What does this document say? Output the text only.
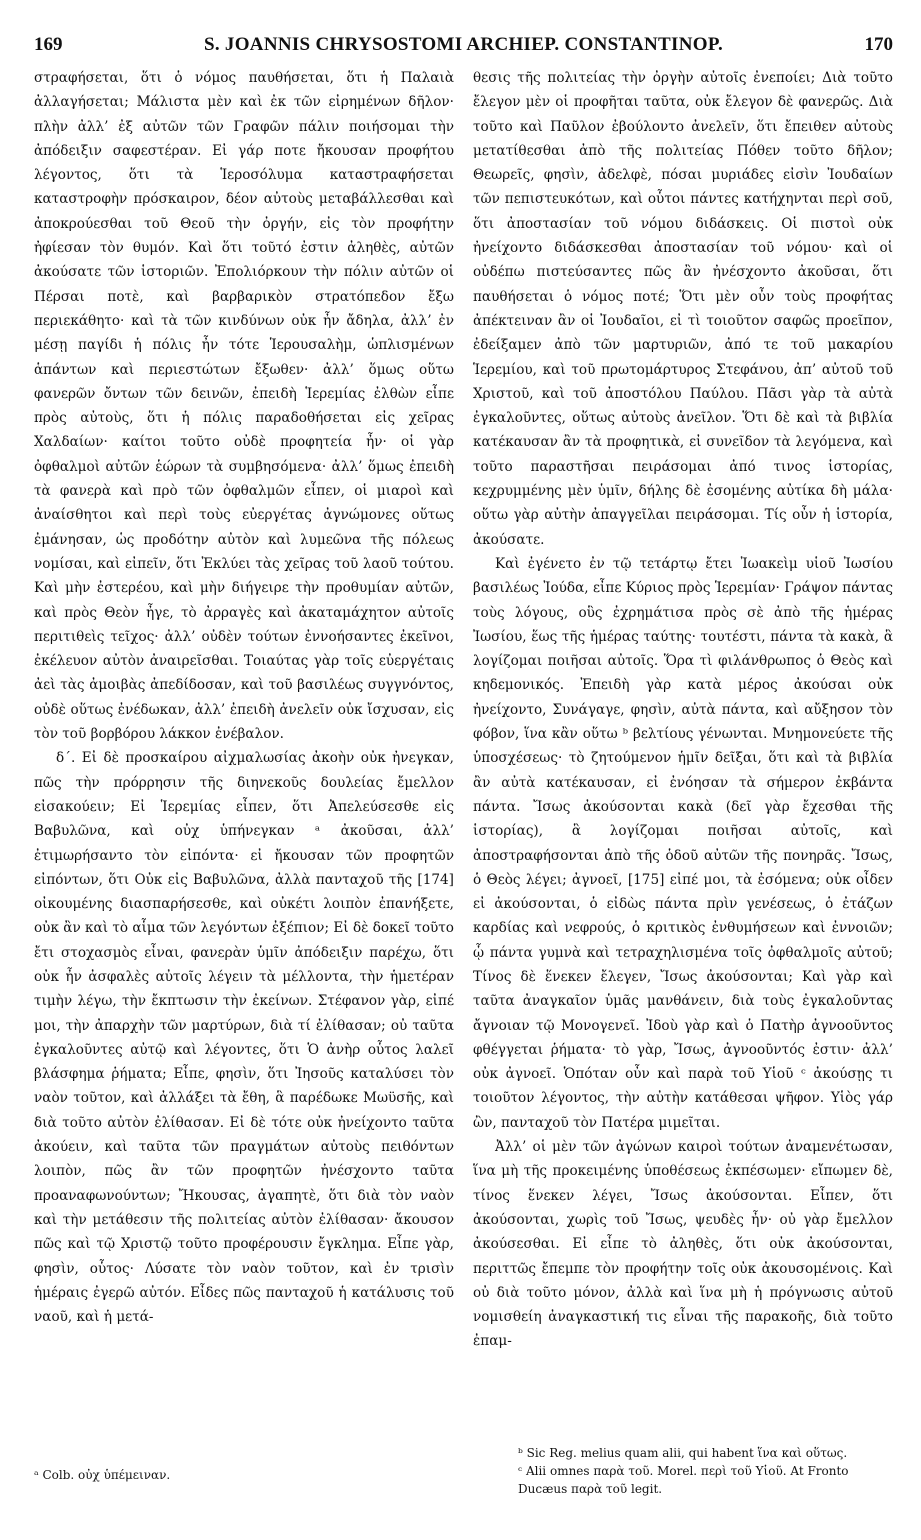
169	S. JOANNIS CHRYSOSTOMI ARCHIEP. CONSTANTINOP.	170

στραφήσεται, ὅτι ὁ νόμος παυθήσεται, ὅτι ἡ Παλαιὰ ἀλλαγήσεται; Μάλιστα μὲν καὶ ἐκ τῶν εἰρημένων δῆλον· πλὴν ἀλλ’ ἐξ αὐτῶν τῶν Γραφῶν πάλιν ποιήσομαι τὴν ἀπόδειξιν σαφεστέραν. Εἰ γάρ ποτε ἤκουσαν προφήτου λέγοντος, ὅτι τὰ Ἱεροσόλυμα καταστραφήσεται καταστροφὴν πρόσκαιρον, δέον αὐτοὺς μεταβάλλεσθαι καὶ ἀποκρούεσθαι τοῦ Θεοῦ τὴν ὀργήν, εἰς τὸν προφήτην ἠφίεσαν τὸν θυμόν. Καὶ ὅτι τοῦτό ἐστιν ἀληθὲς, αὐτῶν ἀκούσατε τῶν ἱστοριῶν. Ἐπολιόρκουν τὴν πόλιν αὐτῶν οἱ Πέρσαι ποτὲ, καὶ βαρβαρικὸν στρατόπεδον ἔξω περιεκάθητο· καὶ τὰ τῶν κινδύνων οὐκ ἦν ἄδηλα, ἀλλ’ ἐν μέσῃ παγίδι ἡ πόλις ἦν τότε Ἱερουσαλὴμ, ὡπλισμένων ἁπάντων καὶ περιεστώτων ἔξωθεν· ἀλλ’ ὅμως οὕτω φανερῶν ὄντων τῶν δεινῶν, ἐπειδὴ Ἱερεμίας ἐλθὼν εἶπε πρὸς αὐτοὺς, ὅτι ἡ πόλις παραδοθήσεται εἰς χεῖρας Χαλδαίων· καίτοι τοῦτο οὐδὲ προφητεία ἦν· οἱ γὰρ ὀφθαλμοὶ αὐτῶν ἑώρων τὰ συμβησόμενα· ἀλλ’ ὅμως ἐπειδὴ τὰ φανερὰ καὶ πρὸ τῶν ὀφθαλμῶν εἶπεν, οἱ μιαροὶ καὶ ἀναίσθητοι καὶ περὶ τοὺς εὐεργέτας ἀγνώμονες οὕτως ἐμάνησαν, ὡς προδότην αὐτὸν καὶ λυμεῶνα τῆς πόλεως νομίσαι, καὶ εἰπεῖν, ὅτι Ἐκλύει τὰς χεῖρας τοῦ λαοῦ τούτου. Καὶ μὴν ἐστερέου, καὶ μὴν διήγειρε τὴν προθυμίαν αὐτῶν, καὶ πρὸς Θεὸν ἦγε, τὸ ἀρραγὲς καὶ ἀκαταμάχητον αὐτοῖς περιτιθεὶς τεῖχος· ἀλλ’ οὐδὲν τούτων ἐννοήσαντες ἐκεῖνοι, ἐκέλευον αὐτὸν ἀναιρεῖσθαι. Τοιαύτας γὰρ τοῖς εὐεργέταις ἀεὶ τὰς ἀμοιβὰς ἀπεδίδοσαν, καὶ τοῦ βασιλέως συγγνόντος, οὐδὲ οὕτως ἐνέδωκαν, ἀλλ’ ἐπειδὴ ἀνελεῖν οὐκ ἴσχυσαν, εἰς τὸν τοῦ βορβόρου λάκκον ἐνέβαλον.

δ΄. Εἰ δὲ προσκαίρου αἰχμαλωσίας ἀκοὴν οὐκ ἠνεγκαν, πῶς τὴν πρόρρησιν τῆς διηνεκοῦς δουλείας ἔμελλον εἰσακούειν; Εἰ Ἱερεμίας εἶπεν, ὅτι Ἀπελεύσεσθε εἰς Βαβυλῶνα, καὶ οὐχ ὑπήνεγκαν ᵃ ἀκοῦσαι, ἀλλ’ ἐτιμωρήσαντο τὸν εἰπόντα· εἰ ἤκουσαν τῶν προφητῶν εἰπόντων, ὅτι Οὐκ εἰς Βαβυλῶνα, ἀλλὰ πανταχοῦ τῆς [174] οἰκουμένης διασπαρήσεσθε, καὶ οὐκέτι λοιπὸν ἐπανήξετε, οὐκ ἂν καὶ τὸ αἷμα τῶν λεγόντων ἐξέπιον; Εἰ δὲ δοκεῖ τοῦτο ἔτι στοχασμὸς εἶναι, φανερὰν ὑμῖν ἀπόδειξιν παρέχω, ὅτι οὐκ ἦν ἀσφαλὲς αὐτοῖς λέγειν τὰ μέλλοντα, τὴν ἡμετέραν τιμὴν λέγω, τὴν ἔκπτωσιν τὴν ἐκείνων. Στέφανον γὰρ, εἰπέ μοι, τὴν ἀπαρχὴν τῶν μαρτύρων, διὰ τί ἐλίθασαν; οὐ ταῦτα ἐγκαλοῦντες αὐτῷ καὶ λέγοντες, ὅτι Ὁ ἀνὴρ οὗτος λαλεῖ βλάσφημα ῥήματα; Εἶπε, φησὶν, ὅτι Ἰησοῦς καταλύσει τὸν ναὸν τοῦτον, καὶ ἀλλάξει τὰ ἔθη, ἃ παρέδωκε Μωϋσῆς, καὶ διὰ τοῦτο αὐτὸν ἐλίθασαν. Εἰ δὲ τότε οὐκ ἠνείχοντο ταῦτα ἀκούειν, καὶ ταῦτα τῶν πραγμάτων αὐτοὺς πειθόντων λοιπὸν, πῶς ἂν τῶν προφητῶν ἠνέσχοντο ταῦτα προαναφωνούντων; Ἤκουσας, ἀγαπητὲ, ὅτι διὰ τὸν ναὸν καὶ τὴν μετάθεσιν τῆς πολιτείας αὐτὸν ἐλίθασαν· ἄκουσον πῶς καὶ τῷ Χριστῷ τοῦτο προφέρουσιν ἔγκλημα. Εἶπε γὰρ, φησὶν, οὗτος· Λύσατε τὸν ναὸν τοῦτον, καὶ ἐν τρισὶν ἡμέραις ἐγερῶ αὐτόν. Εἶδες πῶς πανταχοῦ ἡ κατάλυσις τοῦ ναοῦ, καὶ ἡ μετά-

θεσις τῆς πολιτείας τὴν ὀργὴν αὐτοῖς ἐνεποίει; Διὰ τοῦτο ἔλεγον μὲν οἱ προφῆται ταῦτα, οὐκ ἔλεγον δὲ φανερῶς. Διὰ τοῦτο καὶ Παῦλον ἐβούλοντο ἀνελεῖν, ὅτι ἔπειθεν αὐτοὺς μετατίθεσθαι ἀπὸ τῆς πολιτείας Πόθεν τοῦτο δῆλον; Θεωρεῖς, φησὶν, ἀδελφὲ, πόσαι μυριάδες εἰσὶν Ἰουδαίων τῶν πεπιστευκότων, καὶ οὗτοι πάντες κατήχηνται περὶ σοῦ, ὅτι ἀποστασίαν τοῦ νόμου διδάσκεις. Οἱ πιστοὶ οὐκ ἠνείχοντο διδάσκεσθαι ἀποστασίαν τοῦ νόμου· καὶ οἱ οὐδέπω πιστεύσαντες πῶς ἂν ἠνέσχοντο ἀκοῦσαι, ὅτι παυθήσεται ὁ νόμος ποτέ; Ὅτι μὲν οὖν τοὺς προφήτας ἀπέκτειναν ἂν οἱ Ἰουδαῖοι, εἰ τὶ τοιοῦτον σαφῶς προεῖπον, ἐδείξαμεν ἀπὸ τῶν μαρτυριῶν, ἀπό τε τοῦ μακαρίου Ἱερεμίου, καὶ τοῦ πρωτομάρτυρος Στεφάνου, ἀπ’ αὐτοῦ τοῦ Χριστοῦ, καὶ τοῦ ἀποστόλου Παύλου. Πᾶσι γὰρ τὰ αὐτὰ ἐγκαλοῦντες, οὕτως αὐτοὺς ἀνεῖλον. Ὅτι δὲ καὶ τὰ βιβλία κατέκαυσαν ἂν τὰ προφητικὰ, εἰ συνεῖδον τὰ λεγόμενα, καὶ τοῦτο παραστῆσαι πειράσομαι ἀπό τινος ἱστορίας, κεχρυμμένης μὲν ὑμῖν, δήλης δὲ ἐσομένης αὐτίκα δὴ μάλα· οὕτω γὰρ αὐτὴν ἀπαγγεῖλαι πειράσομαι. Τίς οὖν ἡ ἱστορία, ἀκούσατε.

Καὶ ἐγένετο ἐν τῷ τετάρτῳ ἔτει Ἰωακεὶμ υἱοῦ Ἰωσίου βασιλέως Ἰούδα, εἶπε Κύριος πρὸς Ἱερεμίαν· Γράψον πάντας τοὺς λόγους, οὓς ἐχρημάτισα πρὸς σὲ ἀπὸ τῆς ἡμέρας Ἰωσίου, ἕως τῆς ἡμέρας ταύτης· τουτέστι, πάντα τὰ κακὰ, ἃ λογίζομαι ποιῆσαι αὐτοῖς. Ὅρα τὶ φιλάνθρωπος ὁ Θεὸς καὶ κηδεμονικός. Ἐπειδὴ γὰρ κατὰ μέρος ἀκούσαι οὐκ ἠνείχοντο, Συνάγαγε, φησὶν, αὐτὰ πάντα, καὶ αὔξησον τὸν φόβον, ἵνα κἂν οὕτω ᵇ βελτίους γένωνται. Μνημονεύετε τῆς ὑποσχέσεως· τὸ ζητούμενον ἡμῖν δεῖξαι, ὅτι καὶ τὰ βιβλία ἂν αὐτὰ κατέκαυσαν, εἰ ἐνόησαν τὰ σήμερον ἐκβάντα πάντα. Ἴσως ἀκούσονται κακὰ (δεῖ γὰρ ἔχεσθαι τῆς ἱστορίας), ἃ λογίζομαι ποιῆσαι αὐτοῖς, καὶ ἀποστραφήσονται ἀπὸ τῆς ὁδοῦ αὐτῶν τῆς πονηρᾶς. Ἴσως, ὁ Θεὸς λέγει; ἀγνοεῖ, [175] εἰπέ μοι, τὰ ἐσόμενα; οὐκ οἶδεν εἰ ἀκούσονται, ὁ εἰδὼς πάντα πρὶν γενέσεως, ὁ ἐτάζων καρδίας καὶ νεφρούς, ὁ κριτικὸς ἐνθυμήσεων καὶ ἐννοιῶν; ᾧ πάντα γυμνὰ καὶ τετραχηλισμένα τοῖς ὀφθαλμοῖς αὐτοῦ; Τίνος δὲ ἕνεκεν ἔλεγεν, Ἴσως ἀκούσονται; Καὶ γὰρ καὶ ταῦτα ἀναγκαῖον ὑμᾶς μανθάνειν, διὰ τοὺς ἐγκαλοῦντας ἄγνοιαν τῷ Μονογενεῖ. Ἰδοὺ γὰρ καὶ ὁ Πατὴρ ἀγνοοῦντος φθέγγεται ῥήματα· τὸ γὰρ, Ἴσως, ἀγνοοῦντός ἐστιν· ἀλλ’ οὐκ ἀγνοεῖ. Ὁπόταν οὖν καὶ παρὰ τοῦ Υἱοῦ ᶜ ἀκούσῃς τι τοιοῦτον λέγοντος, τὴν αὐτὴν κατάθεσαι ψῆφον. Υἱὸς γάρ ὢν, πανταχοῦ τὸν Πατέρα μιμεῖται.

Ἀλλ’ οἱ μὲν τῶν ἀγώνων καιροὶ τούτων ἀναμενέτωσαν, ἵνα μὴ τῆς προκειμένης ὑποθέσεως ἐκπέσωμεν· εἴπωμεν δὲ, τίνος ἕνεκεν λέγει, Ἴσως ἀκούσονται. Εἶπεν, ὅτι ἀκούσονται, χωρὶς τοῦ Ἴσως, ψευδὲς ἦν· οὐ γὰρ ἔμελλον ἀκούσεσθαι. Εἰ εἶπε τὸ ἀληθὲς, ὅτι οὐκ ἀκούσονται, περιττῶς ἔπεμπε τὸν προφήτην τοῖς οὐκ ἀκουσομένοις. Καὶ οὐ διὰ τοῦτο μόνον, ἀλλὰ καὶ ἵνα μὴ ἡ πρόγνωσις αὐτοῦ νομισθείη ἀναγκαστική τις εἶναι τῆς παρακοῆς, διὰ τοῦτο ἐπαμ-

ᵃ Colb. οὐχ ὑπέμειναν.

ᵇ Sic Reg. melius quam alii, qui habent ἵνα καὶ οὕτως.

ᶜ Alii omnes παρὰ τοῦ. Morel. περὶ τοῦ Υἱοῦ. At Fronto Ducæus παρὰ τοῦ legit.
